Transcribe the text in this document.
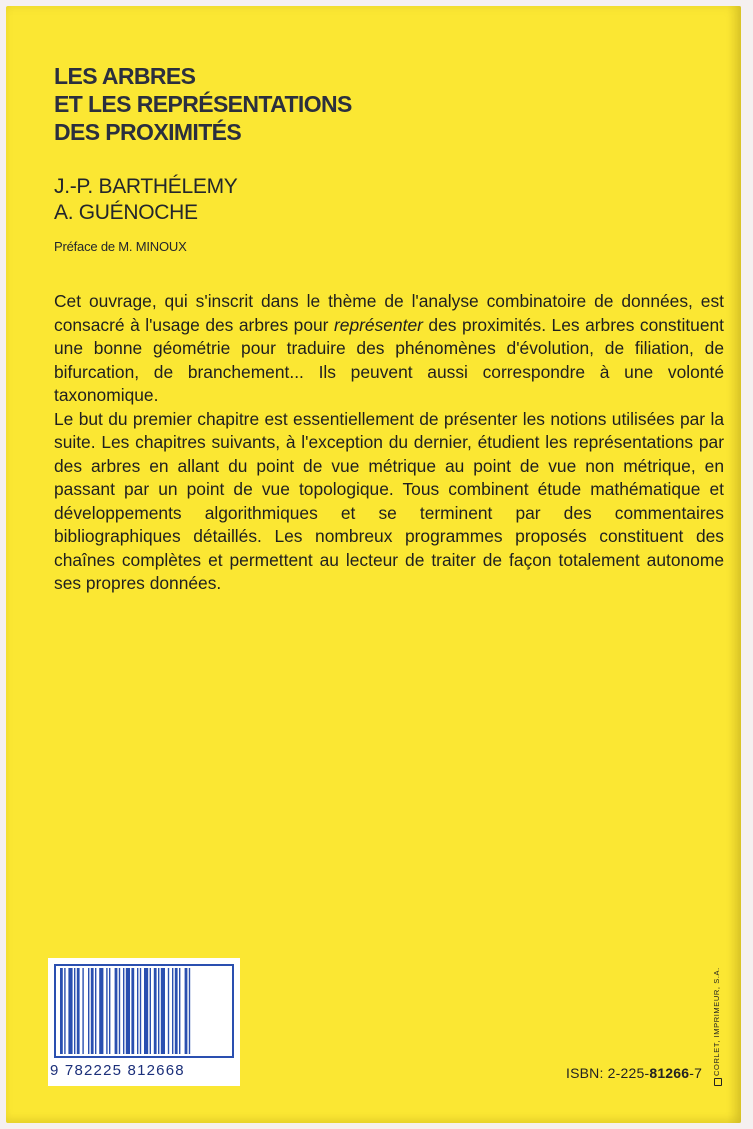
LES ARBRES
ET LES REPRÉSENTATIONS
DES PROXIMITÉS
J.-P. BARTHÉLEMY
A. GUÉNOCHE
Préface de M. MINOUX

Cet ouvrage, qui s'inscrit dans le thème de l'analyse combinatoire de données, est consacré à l'usage des arbres pour représenter des proximités. Les arbres constituent une bonne géométrie pour traduire des phénomènes d'évolution, de filiation, de bifurcation, de branchement... Ils peuvent aussi correspondre à une volonté taxonomique.

Le but du premier chapitre est essentiellement de présenter les notions utilisées par la suite. Les chapitres suivants, à l'exception du dernier, étudient les représentations par des arbres en allant du point de vue métrique au point de vue non métrique, en passant par un point de vue topologique. Tous combinent étude mathématique et développements algorithmiques et se terminent par des commentaires bibliographiques détaillés. Les nombreux programmes proposés constituent des chaînes complètes et permettent au lecteur de traiter de façon totalement autonome ses propres données.

9 782225 812668	ISBN: 2-225-81266-7 CORLET, IMPRIMEUR, S.A.
